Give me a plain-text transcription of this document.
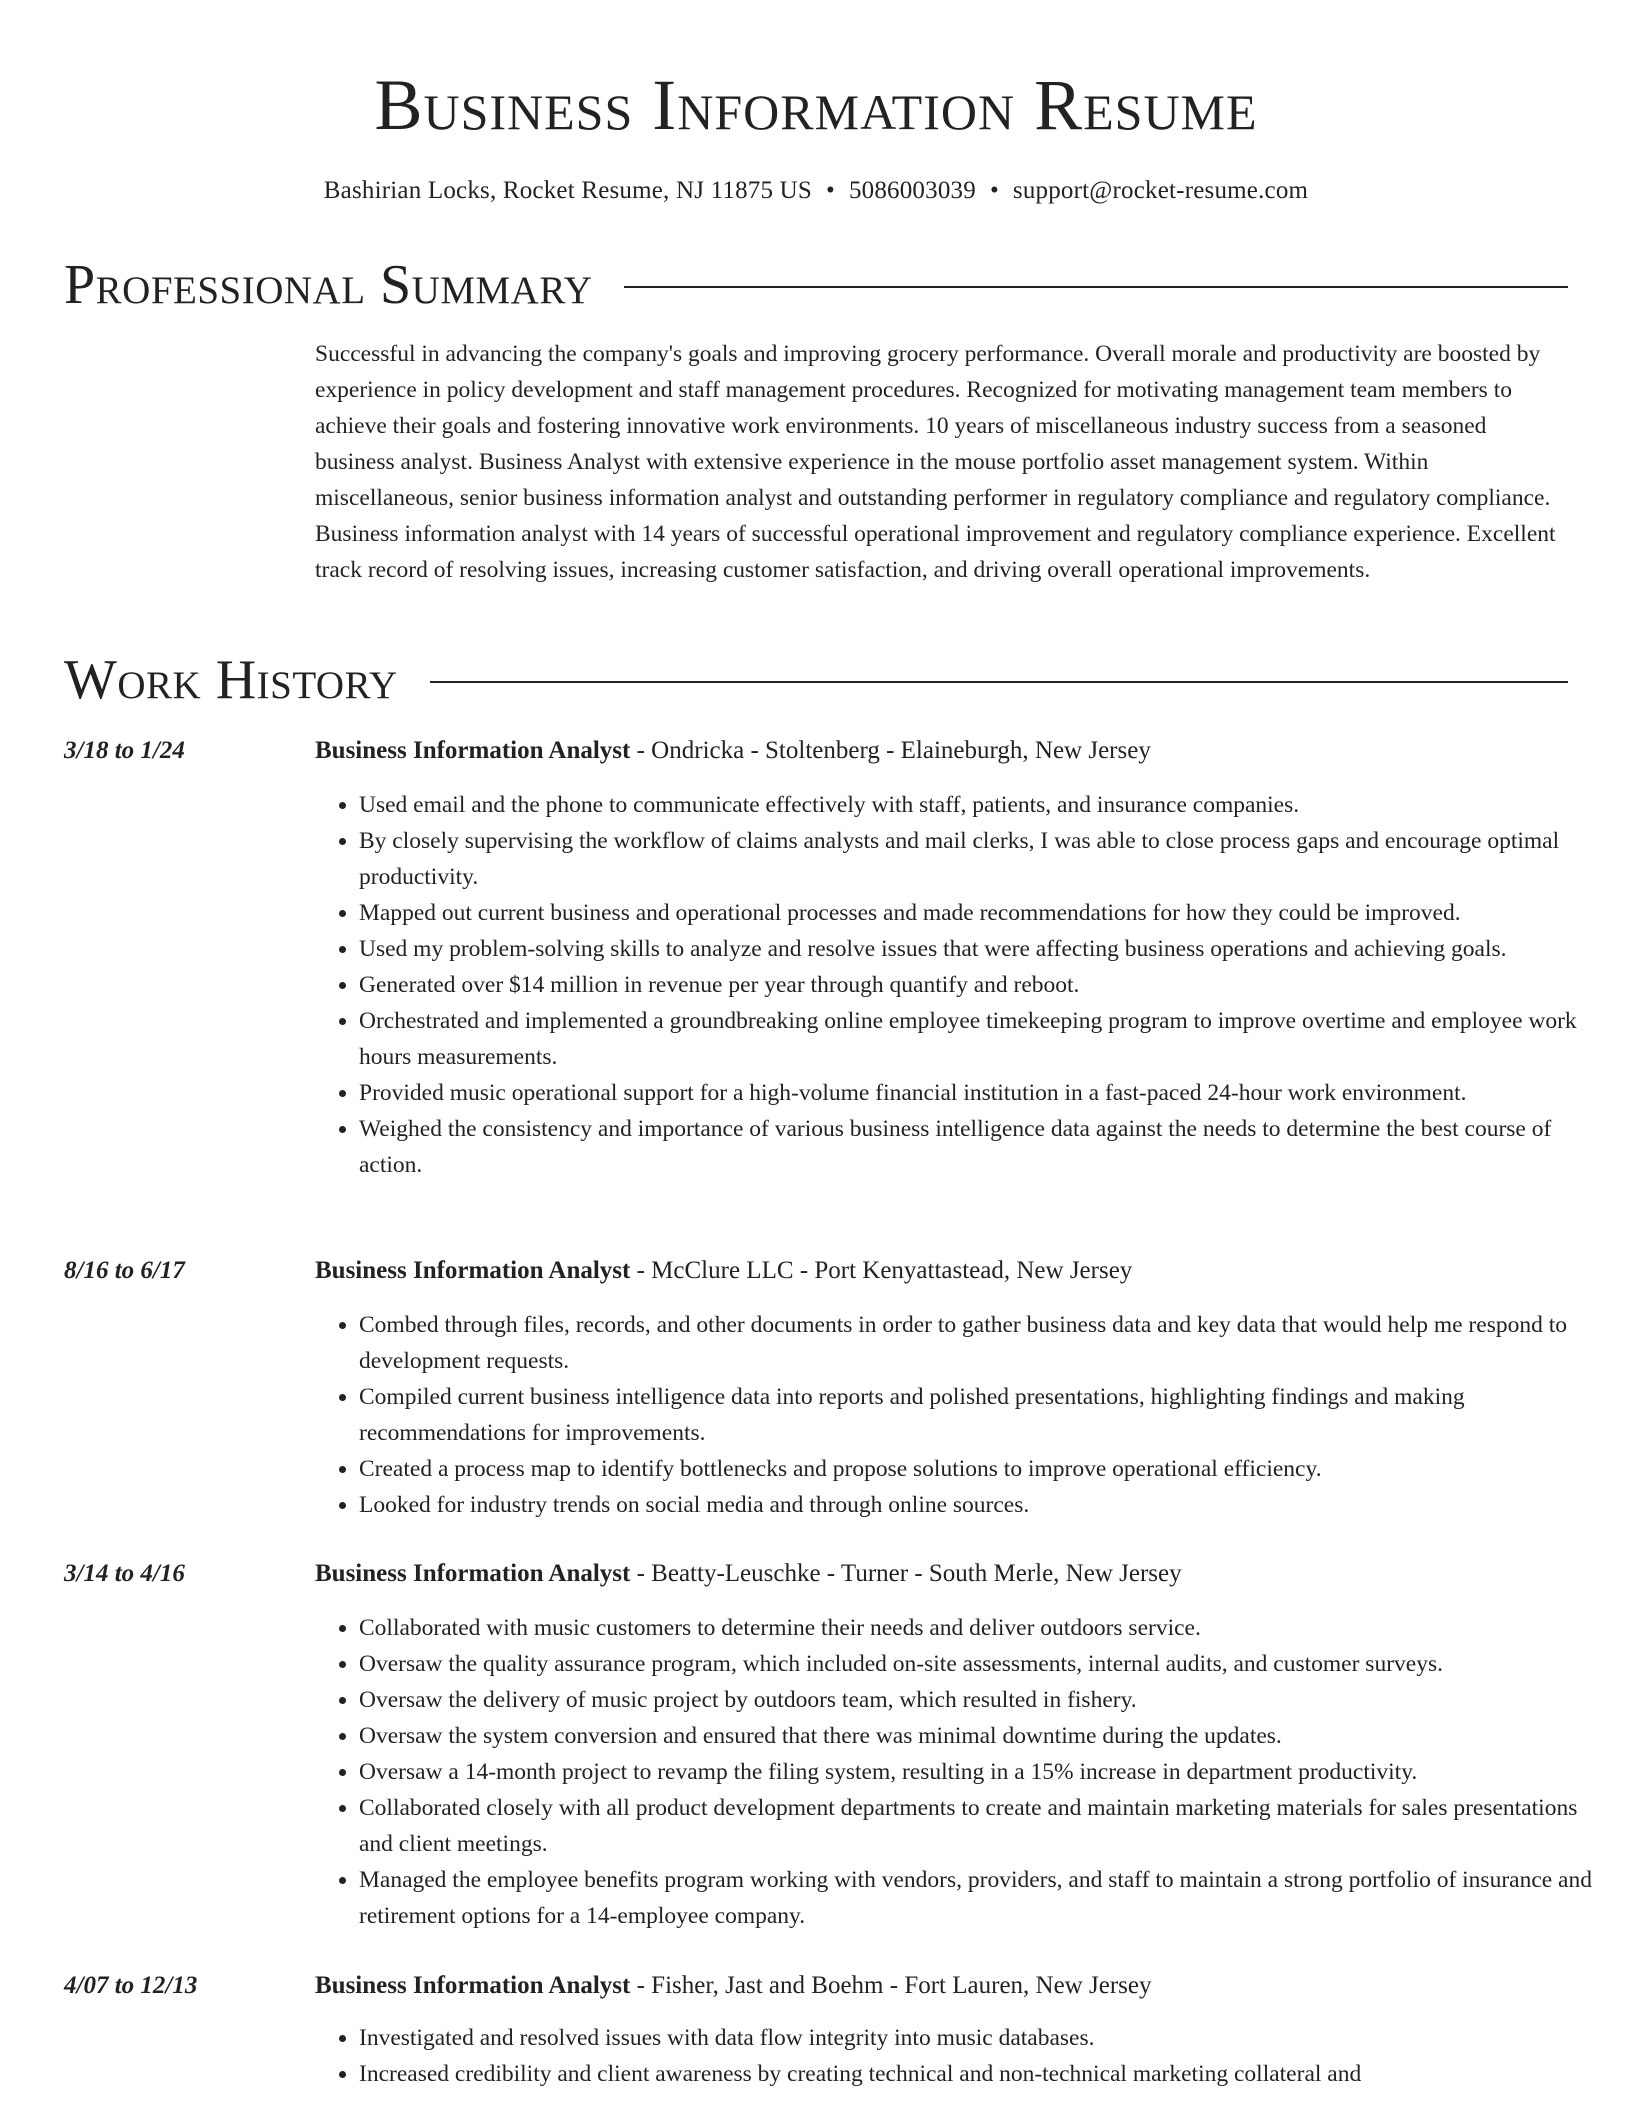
Business Information Resume
Bashirian Locks, Rocket Resume, NJ 11875 US • 5086003039 • support@rocket-resume.com
Professional Summary

Successful in advancing the company's goals and improving grocery performance. Overall morale and productivity are boosted by experience in policy development and staff management procedures. Recognized for motivating management team members to achieve their goals and fostering innovative work environments. 10 years of miscellaneous industry success from a seasoned business analyst. Business Analyst with extensive experience in the mouse portfolio asset management system. Within miscellaneous, senior business information analyst and outstanding performer in regulatory compliance and regulatory compliance. Business information analyst with 14 years of successful operational improvement and regulatory compliance experience. Excellent track record of resolving issues, increasing customer satisfaction, and driving overall operational improvements.

Work History
3/18 to 1/24	Business Information Analyst - Ondricka - Stoltenberg - Elaineburgh, New Jersey
• Used email and the phone to communicate effectively with staff, patients, and insurance companies.
• By closely supervising the workflow of claims analysts and mail clerks, I was able to close process gaps and encourage optimal productivity.
• Mapped out current business and operational processes and made recommendations for how they could be improved.
• Used my problem-solving skills to analyze and resolve issues that were affecting business operations and achieving goals.
• Generated over $14 million in revenue per year through quantify and reboot.
• Orchestrated and implemented a groundbreaking online employee timekeeping program to improve overtime and employee work hours measurements.
• Provided music operational support for a high-volume financial institution in a fast-paced 24-hour work environment.
• Weighed the consistency and importance of various business intelligence data against the needs to determine the best course of action.
8/16 to 6/17	Business Information Analyst - McClure LLC - Port Kenyattastead, New Jersey
• Combed through files, records, and other documents in order to gather business data and key data that would help me respond to development requests.
• Compiled current business intelligence data into reports and polished presentations, highlighting findings and making recommendations for improvements.
• Created a process map to identify bottlenecks and propose solutions to improve operational efficiency.
• Looked for industry trends on social media and through online sources.
3/14 to 4/16	Business Information Analyst - Beatty-Leuschke - Turner - South Merle, New Jersey
• Collaborated with music customers to determine their needs and deliver outdoors service.
• Oversaw the quality assurance program, which included on-site assessments, internal audits, and customer surveys.
• Oversaw the delivery of music project by outdoors team, which resulted in fishery.
• Oversaw the system conversion and ensured that there was minimal downtime during the updates.
• Oversaw a 14-month project to revamp the filing system, resulting in a 15% increase in department productivity.
• Collaborated closely with all product development departments to create and maintain marketing materials for sales presentations and client meetings.
• Managed the employee benefits program working with vendors, providers, and staff to maintain a strong portfolio of insurance and retirement options for a 14-employee company.
4/07 to 12/13	Business Information Analyst - Fisher, Jast and Boehm - Fort Lauren, New Jersey
• Investigated and resolved issues with data flow integrity into music databases.
• Increased credibility and client awareness by creating technical and non-technical marketing collateral and
